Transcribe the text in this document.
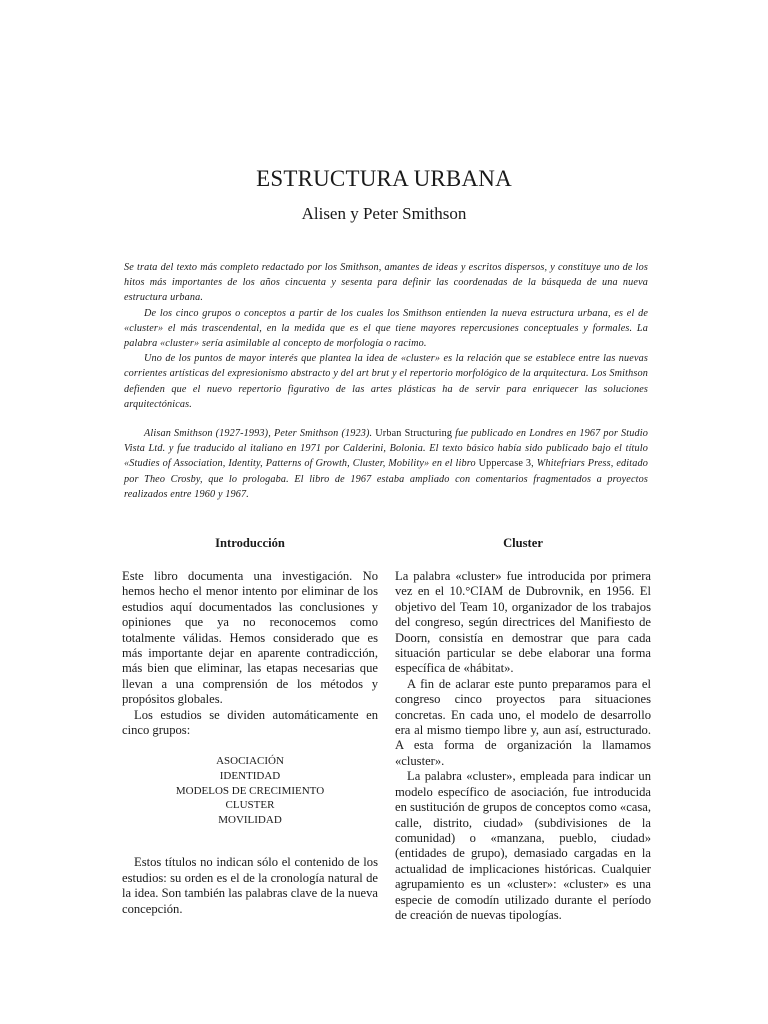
ESTRUCTURA URBANA
Alisen y Peter Smithson

Se trata del texto más completo redactado por los Smithson, amantes de ideas y escritos dispersos, y constituye uno de los hitos más importantes de los años cincuenta y sesenta para definir las coordenadas de la búsqueda de una nueva estructura urbana.

De los cinco grupos o conceptos a partir de los cuales los Smithson entienden la nueva estructura urbana, es el de «cluster» el más trascendental, en la medida que es el que tiene mayores repercusiones conceptuales y formales. La palabra «cluster» sería asimilable al concepto de morfología o racimo.

Uno de los puntos de mayor interés que plantea la idea de «cluster» es la relación que se establece entre las nuevas corrientes artísticas del expresionismo abstracto y del art brut y el repertorio morfológico de la arquitectura. Los Smithson defienden que el nuevo repertorio figurativo de las artes plásticas ha de servir para enriquecer las soluciones arquitectónicas.

Alisan Smithson (1927-1993), Peter Smithson (1923). Urban Structuring fue publicado en Londres en 1967 por Studio Vista Ltd. y fue traducido al italiano en 1971 por Calderini, Bolonia. El texto básico había sido publicado bajo el título «Studies of Association, Identity, Patterns of Growth, Cluster, Mobility» en el libro Uppercase 3, Whitefriars Press, editado por Theo Crosby, que lo prologaba. El libro de 1967 estaba ampliado con comentarios fragmentados a proyectos realizados entre 1960 y 1967.

Introducción

Este libro documenta una investigación. No hemos hecho el menor intento por eliminar de los estudios aquí documentados las conclusiones y opiniones que ya no reconocemos como totalmente válidas. Hemos considerado que es más importante dejar en aparente contradicción, más bien que eliminar, las etapas necesarias que llevan a una comprensión de los métodos y propósitos globales.

Los estudios se dividen automáticamente en cinco grupos:

ASOCIACIÓN
IDENTIDAD
MODELOS DE CRECIMIENTO
CLUSTER
MOVILIDAD

Estos títulos no indican sólo el contenido de los estudios: su orden es el de la cronología natural de la idea. Son también las palabras clave de la nueva concepción.

Cluster

La palabra «cluster» fue introducida por primera vez en el 10.°CIAM de Dubrovnik, en 1956. El objetivo del Team 10, organizador de los trabajos del congreso, según directrices del Manifiesto de Doorn, consistía en demostrar que para cada situación particular se debe elaborar una forma específica de «hábitat».

A fin de aclarar este punto preparamos para el congreso cinco proyectos para situaciones concretas. En cada uno, el modelo de desarrollo era al mismo tiempo libre y, aun así, estructurado. A esta forma de organización la llamamos «cluster».

La palabra «cluster», empleada para indicar un modelo específico de asociación, fue introducida en sustitución de grupos de conceptos como «casa, calle, distrito, ciudad» (subdivisiones de la comunidad) o «manzana, pueblo, ciudad» (entidades de grupo), demasiado cargadas en la actualidad de implicaciones históricas. Cualquier agrupamiento es un «cluster»: «cluster» es una especie de comodín utilizado durante el período de creación de nuevas tipologías.
